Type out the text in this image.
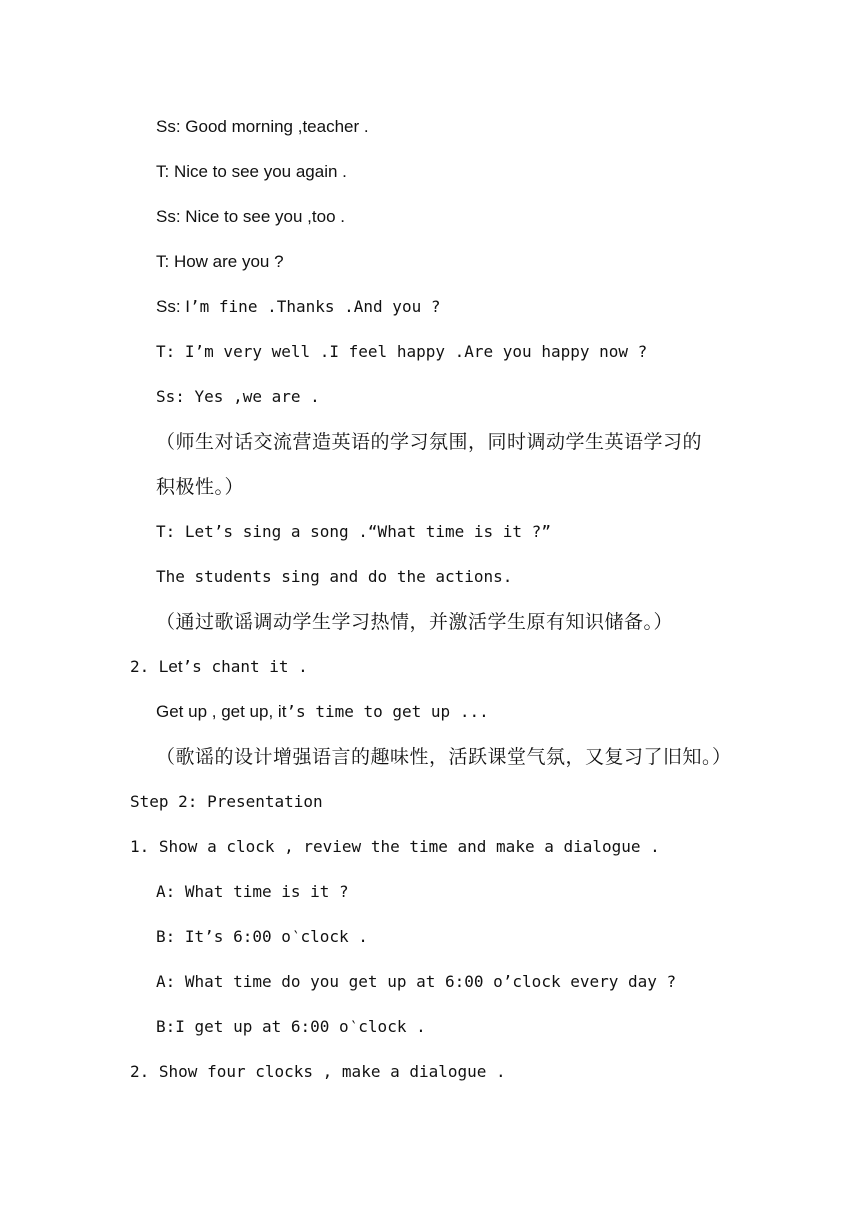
Ss: Good morning ,teacher .
T: Nice to see you again .
Ss: Nice to see you ,too .
T: How are you ?
Ss: I’m fine .Thanks .And you ?
T: I’m very well .I feel happy .Are you happy now ?
Ss: Yes ,we are .
（师生对话交流营造英语的学习氛围，同时调动学生英语学习的
积极性。）
T: Let’s sing a song .“What time is it ?”
The students sing and do the actions.
（通过歌谣调动学生学习热情，并激活学生原有知识储备。）
2. Let’s chant it .
Get up , get up, it’s time to get up ...
（歌谣的设计增强语言的趣味性，活跃课堂气氛，又复习了旧知。）
Step 2: Presentation
1. Show a clock , review the time and make a dialogue .
A: What time is it ?
B: It’s 6:00 o‵clock .
A: What time do you get up at 6:00 o’clock every day ?
B:I get up at 6:00 o‵clock .
2. Show four clocks , make a dialogue .
